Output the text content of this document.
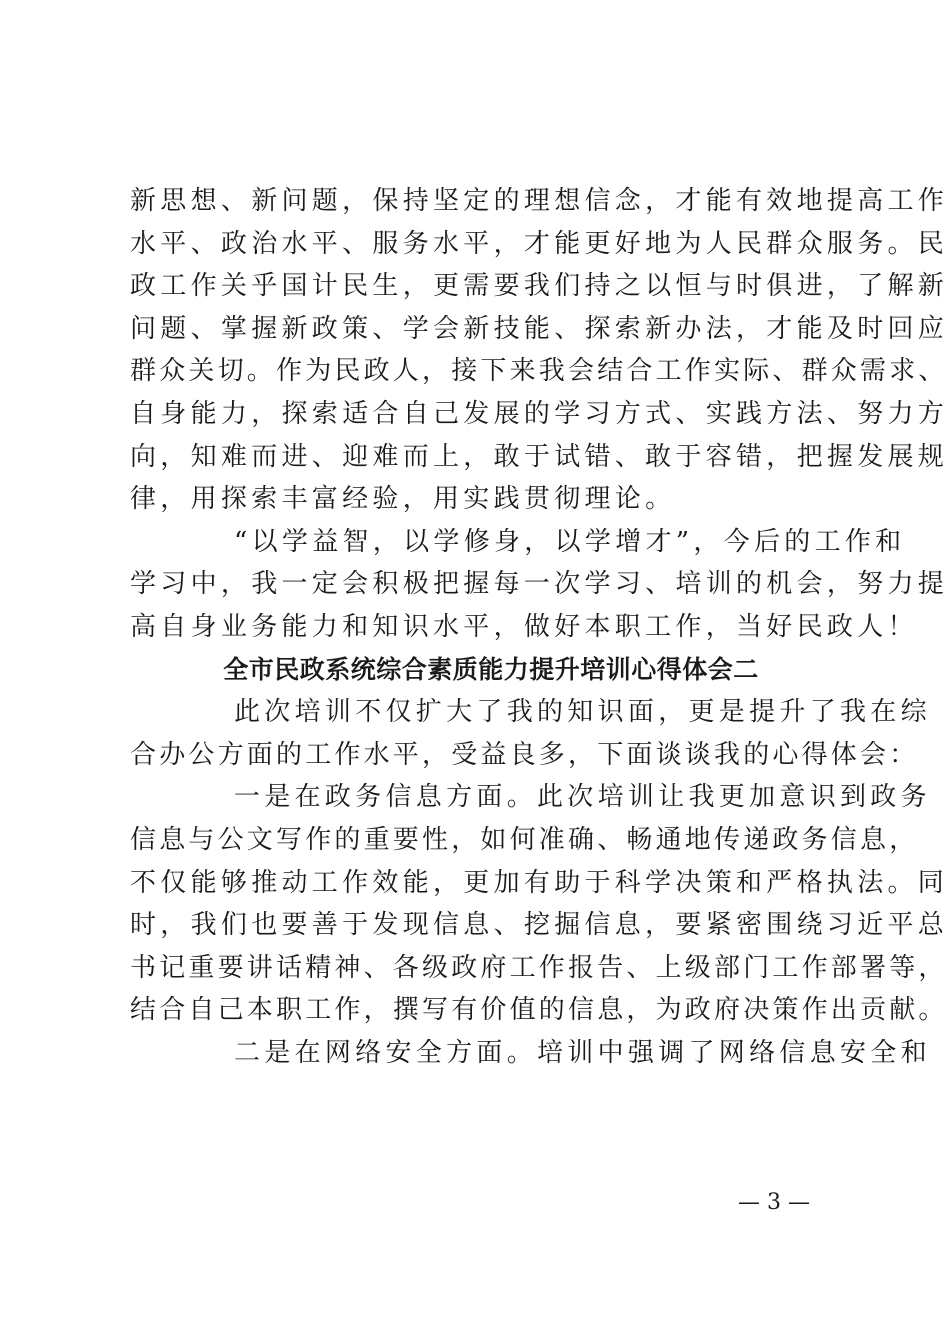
新思想、新问题，保持坚定的理想信念，才能有效地提高工作
水平、政治水平、服务水平，才能更好地为人民群众服务。民
政工作关乎国计民生，更需要我们持之以恒与时俱进，了解新
问题、掌握新政策、学会新技能、探索新办法，才能及时回应
群众关切。作为民政人，接下来我会结合工作实际、群众需求、
自身能力，探索适合自己发展的学习方式、实践方法、努力方
向，知难而进、迎难而上，敢于试错、敢于容错，把握发展规
律，用探索丰富经验，用实践贯彻理论。
“以学益智，以学修身，以学增才”，今后的工作和
学习中，我一定会积极把握每一次学习、培训的机会，努力提
高自身业务能力和知识水平，做好本职工作，当好民政人！
全市民政系统综合素质能力提升培训心得体会二
此次培训不仅扩大了我的知识面，更是提升了我在综
合办公方面的工作水平，受益良多，下面谈谈我的心得体会：
一是在政务信息方面。此次培训让我更加意识到政务
信息与公文写作的重要性，如何准确、畅通地传递政务信息，
不仅能够推动工作效能，更加有助于科学决策和严格执法。同
时，我们也要善于发现信息、挖掘信息，要紧密围绕习近平总
书记重要讲话精神、各级政府工作报告、上级部门工作部署等，
结合自己本职工作，撰写有价值的信息，为政府决策作出贡献。
二是在网络安全方面。培训中强调了网络信息安全和
— 3 —
